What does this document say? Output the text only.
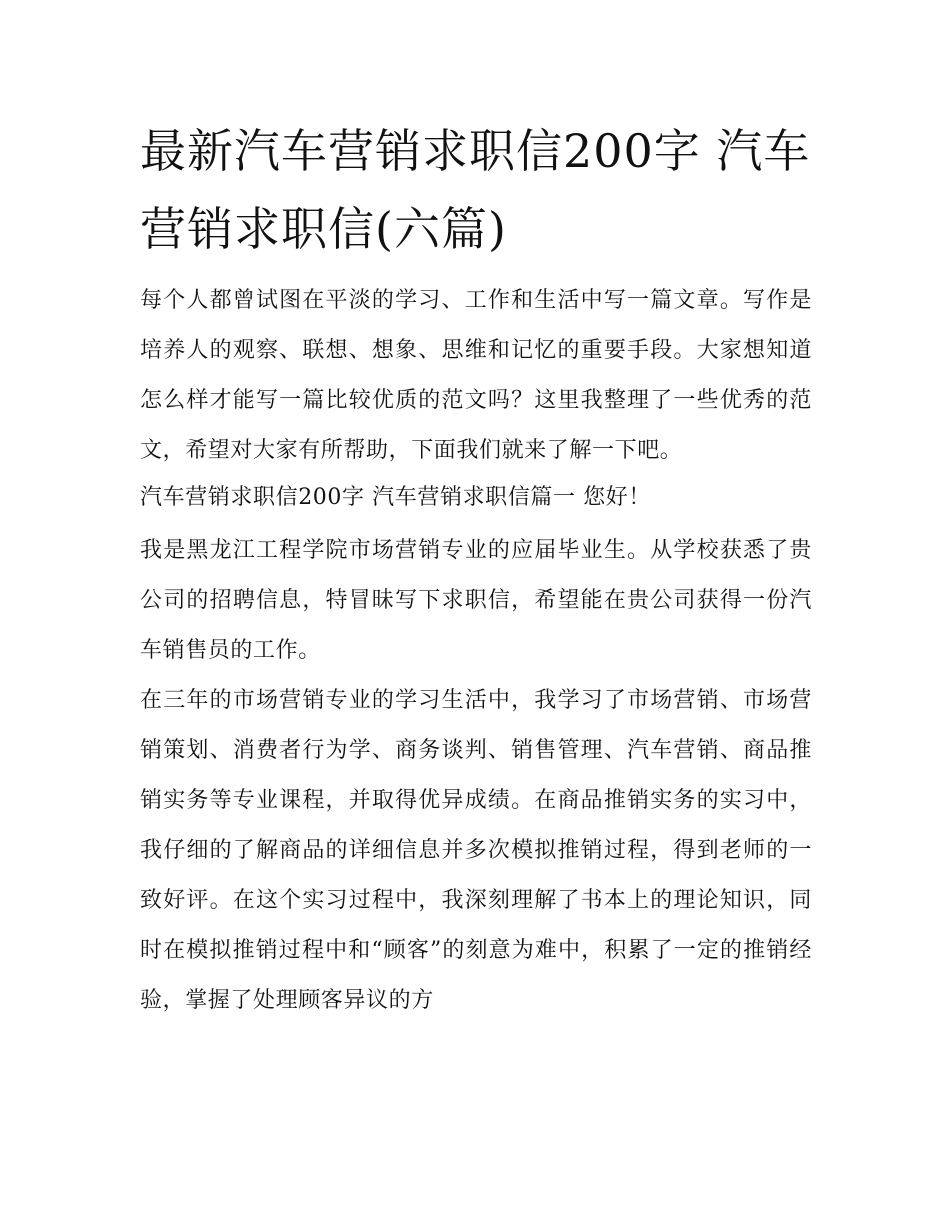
最新汽车营销求职信200字 汽车营销求职信(六篇)

每个人都曾试图在平淡的学习、工作和生活中写一篇文章。写作是培养人的观察、联想、想象、思维和记忆的重要手段。大家想知道怎么样才能写一篇比较优质的范文吗？这里我整理了一些优秀的范文，希望对大家有所帮助，下面我们就来了解一下吧。

汽车营销求职信200字 汽车营销求职信篇一 您好！

我是黑龙江工程学院市场营销专业的应届毕业生。从学校获悉了贵公司的招聘信息，特冒昧写下求职信，希望能在贵公司获得一份汽车销售员的工作。

在三年的市场营销专业的学习生活中，我学习了市场营销、市场营销策划、消费者行为学、商务谈判、销售管理、汽车营销、商品推销实务等专业课程，并取得优异成绩。在商品推销实务的实习中，我仔细的了解商品的详细信息并多次模拟推销过程，得到老师的一致好评。在这个实习过程中，我深刻理解了书本上的理论知识，同时在模拟推销过程中和“顾客”的刻意为难中，积累了一定的推销经验，掌握了处理顾客异议的方
